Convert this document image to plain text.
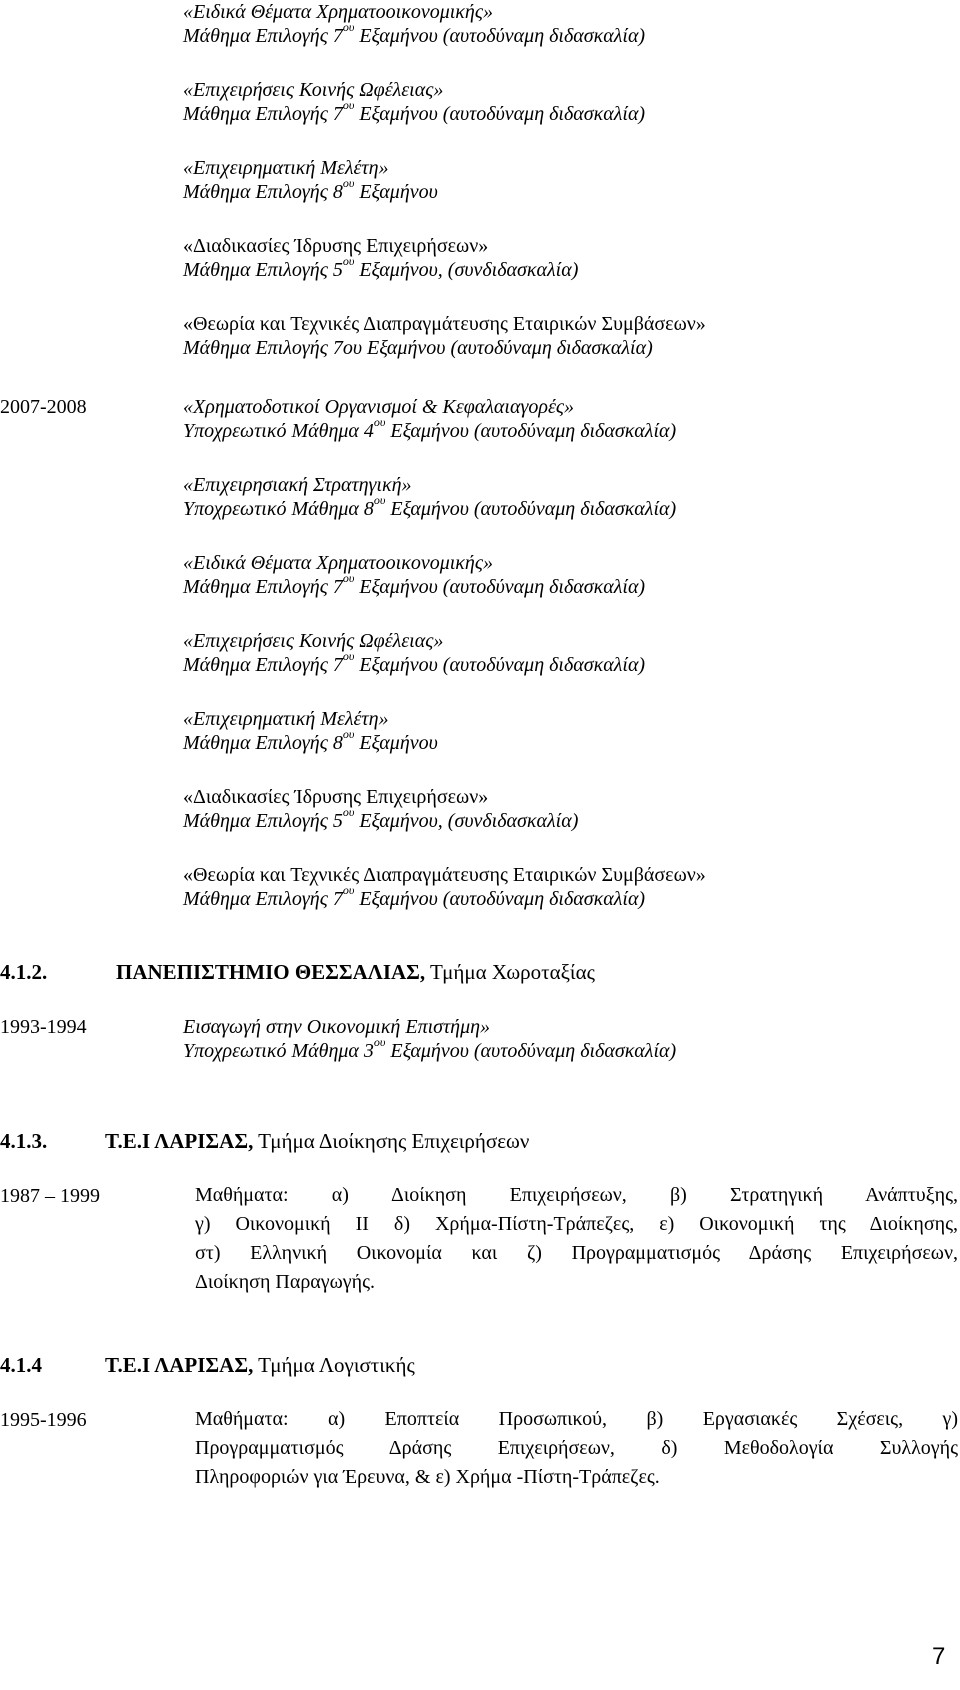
«Ειδικά Θέματα Χρηματοοικονομικής»
Μάθημα Επιλογής $7^{o\upsilon}$ Εξαμήνου (αυτοδύναμη διδασκαλία)
«Επιχειρήσεις Κοινής Ωφέλειας»
Μάθημα Επιλογής $7^{o\upsilon}$ Εξαμήνου (αυτοδύναμη διδασκαλία)
«Επιχειρηματική Μελέτη»
Μάθημα Επιλογής $8^{o\upsilon}$ Εξαμήνου
«Διαδικασίες Ίδρυσης Επιχειρήσεων»
Μάθημα Επιλογής $5^{o\upsilon}$ Εξαμήνου, (συνδιδασκαλία)
«Θεωρία και Τεχνικές Διαπραγμάτευσης Εταιρικών Συμβάσεων»
Μάθημα Επιλογής 7ου Εξαμήνου (αυτοδύναμη διδασκαλία)
2007-2008	«Χρηματοδοτικοί Οργανισμοί & Κεφαλαιαγορές»
Υποχρεωτικό Μάθημα $4^{o\upsilon}$ Εξαμήνου (αυτοδύναμη διδασκαλία)
«Επιχειρησιακή Στρατηγική»
Υποχρεωτικό Μάθημα $8^{o\upsilon}$ Εξαμήνου (αυτοδύναμη διδασκαλία)
«Ειδικά Θέματα Χρηματοοικονομικής»
Μάθημα Επιλογής $7^{o\upsilon}$ Εξαμήνου (αυτοδύναμη διδασκαλία)
«Επιχειρήσεις Κοινής Ωφέλειας»
Μάθημα Επιλογής $7^{o\upsilon}$ Εξαμήνου (αυτοδύναμη διδασκαλία)
«Επιχειρηματική Μελέτη»
Μάθημα Επιλογής $8^{o\upsilon}$ Εξαμήνου
«Διαδικασίες Ίδρυσης Επιχειρήσεων»
Μάθημα Επιλογής $5^{o\upsilon}$ Εξαμήνου, (συνδιδασκαλία)
«Θεωρία και Τεχνικές Διαπραγμάτευσης Εταιρικών Συμβάσεων»
Μάθημα Επιλογής $7^{o\upsilon}$ Εξαμήνου (αυτοδύναμη διδασκαλία)
4.1.2.	ΠΑΝΕΠΙΣΤΗΜΙΟ ΘΕΣΣΑΛΙΑΣ, Τμήμα Χωροταξίας
1993-1994	Εισαγωγή στην Οικονομική Επιστήμη»
Υποχρεωτικό Μάθημα $3^{o\upsilon}$ Εξαμήνου (αυτοδύναμη διδασκαλία)
4.1.3.	Τ.Ε.Ι ΛΑΡΙΣΑΣ, Τμήμα Διοίκησης Επιχειρήσεων
1987 – 1999	Μαθήματα: α) Διοίκηση Επιχειρήσεων, β) Στρατηγική Ανάπτυξης,
γ) Οικονομική ΙΙ δ) Χρήμα-Πίστη-Τράπεζες, ε) Οικονομική της Διοίκησης,
στ) Ελληνική Οικονομία και ζ) Προγραμματισμός Δράσης Επιχειρήσεων,
Διοίκηση Παραγωγής.
4.1.4	Τ.Ε.Ι ΛΑΡΙΣΑΣ, Τμήμα Λογιστικής
1995-1996	Μαθήματα: α) Εποπτεία Προσωπικού, β) Εργασιακές Σχέσεις, γ)
Προγραμματισμός Δράσης Επιχειρήσεων, δ) Μεθοδολογία Συλλογής
Πληροφοριών για Έρευνα, & ε) Χρήμα -Πίστη-Τράπεζες.
7
